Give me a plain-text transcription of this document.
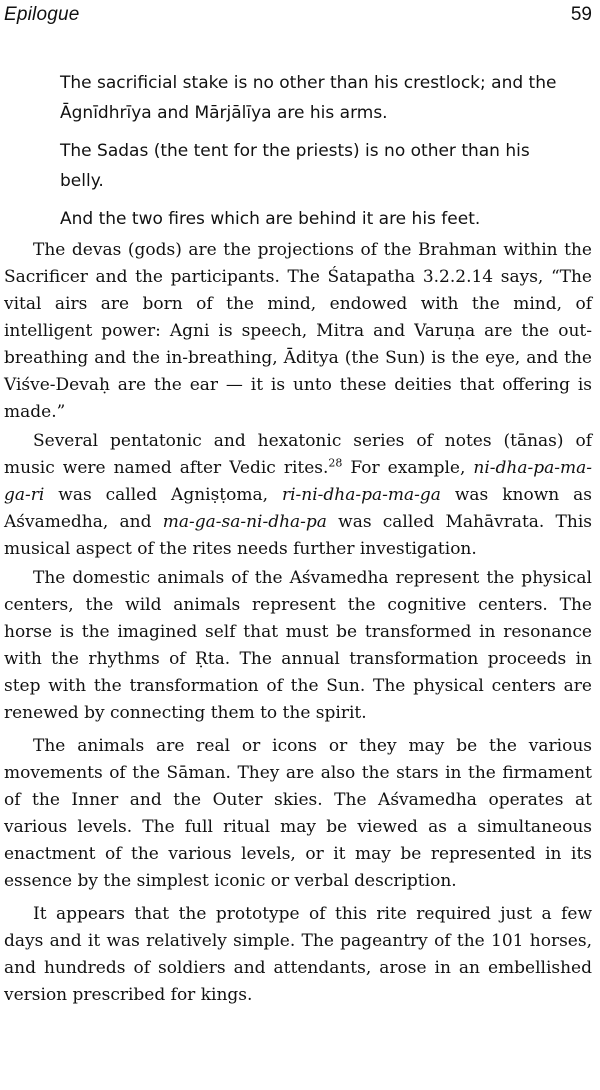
Epilogue	59

The sacrificial stake is no other than his crestlock; and the Āgnīdhrīya and Mārjālīya are his arms.

The Sadas (the tent for the priests) is no other than his belly.

And the two fires which are behind it are his feet.

The devas (gods) are the projections of the Brahman within the Sacrificer and the participants. The Śatapatha 3.2.2.14 says, “The vital airs are born of the mind, endowed with the mind, of intelligent power: Agni is speech, Mitra and Varuṇa are the out-breathing and the in-breathing, Āditya (the Sun) is the eye, and the Viśve-Devaḥ are the ear — it is unto these deities that offering is made.”

Several pentatonic and hexatonic series of notes (tānas) of music were named after Vedic rites.$^{28}$ For example, ni-dha-pa-ma-ga-ri was called Agniṣṭoma, ri-ni-dha-pa-ma-ga was known as Aśvamedha, and ma-ga-sa-ni-dha-pa was called Mahāvrata. This musical aspect of the rites needs further investigation.

The domestic animals of the Aśvamedha represent the physical centers, the wild animals represent the cognitive centers. The horse is the imagined self that must be transformed in resonance with the rhythms of Ṛta. The annual transformation proceeds in step with the transformation of the Sun. The physical centers are renewed by connecting them to the spirit.

The animals are real or icons or they may be the various movements of the Sāman. They are also the stars in the firmament of the Inner and the Outer skies. The Aśvamedha operates at various levels. The full ritual may be viewed as a simultaneous enactment of the various levels, or it may be represented in its essence by the simplest iconic or verbal description.

It appears that the prototype of this rite required just a few days and it was relatively simple. The pageantry of the 101 horses, and hundreds of soldiers and attendants, arose in an embellished version prescribed for kings.
